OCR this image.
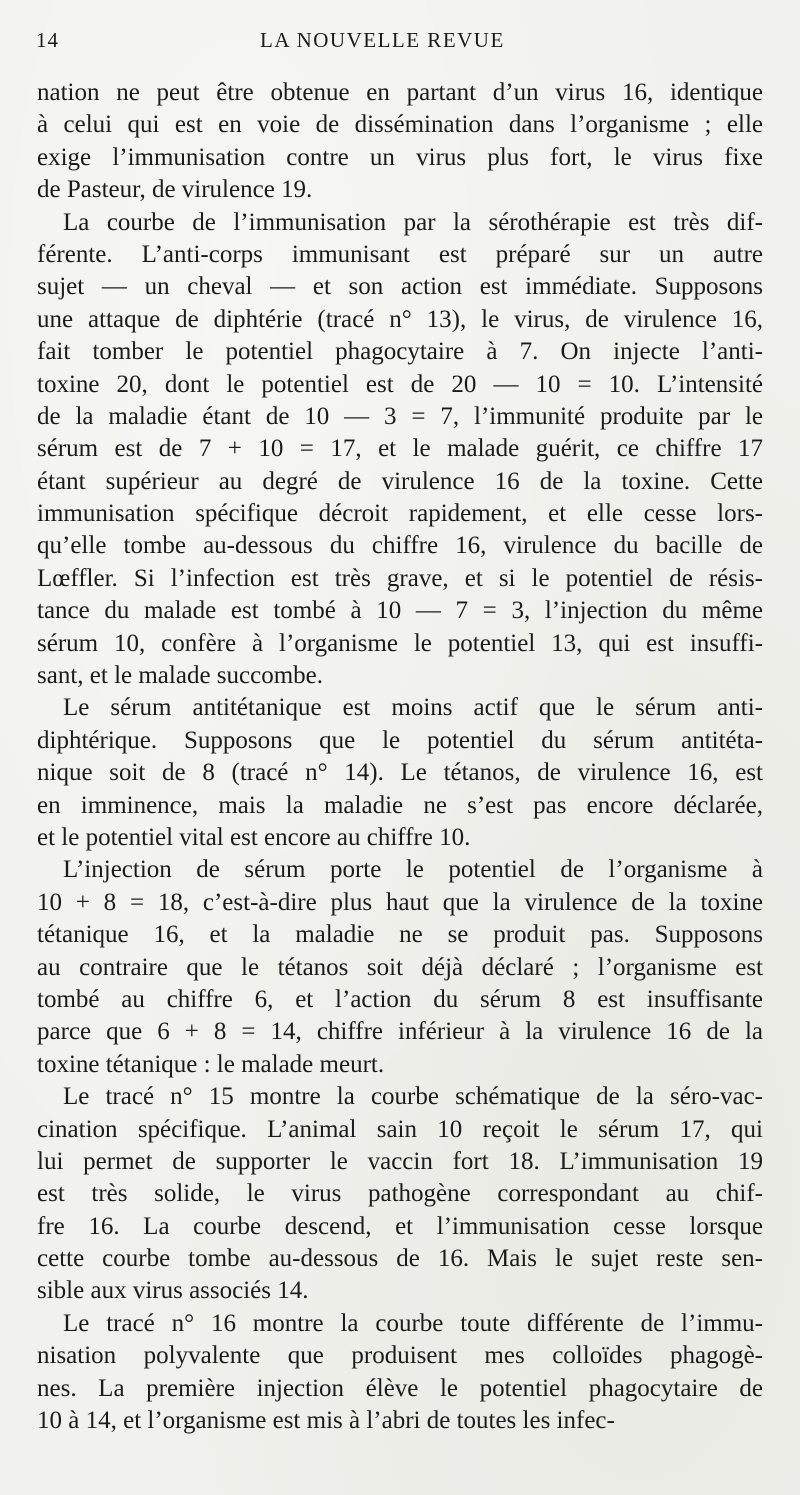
14	LA NOUVELLE REVUE
nation ne peut être obtenue en partant d’un virus 16, identique
à celui qui est en voie de dissémination dans l’organisme ; elle
exige l’immunisation contre un virus plus fort, le virus fixe
de Pasteur, de virulence 19.
La courbe de l’immunisation par la sérothérapie est très dif-
férente. L’anti-corps immunisant est préparé sur un autre
sujet — un cheval — et son action est immédiate. Supposons
une attaque de diphtérie (tracé n° 13), le virus, de virulence 16,
fait tomber le potentiel phagocytaire à 7. On injecte l’anti-
toxine 20, dont le potentiel est de 20 — 10 = 10. L’intensité
de la maladie étant de 10 — 3 = 7, l’immunité produite par le
sérum est de 7 + 10 = 17, et le malade guérit, ce chiffre 17
étant supérieur au degré de virulence 16 de la toxine. Cette
immunisation spécifique décroit rapidement, et elle cesse lors-
qu’elle tombe au-dessous du chiffre 16, virulence du bacille de
Lœffler. Si l’infection est très grave, et si le potentiel de résis-
tance du malade est tombé à 10 — 7 = 3, l’injection du même
sérum 10, confère à l’organisme le potentiel 13, qui est insuffi-
sant, et le malade succombe.
Le sérum antitétanique est moins actif que le sérum anti-
diphtérique. Supposons que le potentiel du sérum antitéta-
nique soit de 8 (tracé n° 14). Le tétanos, de virulence 16, est
en imminence, mais la maladie ne s’est pas encore déclarée,
et le potentiel vital est encore au chiffre 10.
L’injection de sérum porte le potentiel de l’organisme à
10 + 8 = 18, c’est-à-dire plus haut que la virulence de la toxine
tétanique 16, et la maladie ne se produit pas. Supposons
au contraire que le tétanos soit déjà déclaré ; l’organisme est
tombé au chiffre 6, et l’action du sérum 8 est insuffisante
parce que 6 + 8 = 14, chiffre inférieur à la virulence 16 de la
toxine tétanique : le malade meurt.
Le tracé n° 15 montre la courbe schématique de la séro-vac-
cination spécifique. L’animal sain 10 reçoit le sérum 17, qui
lui permet de supporter le vaccin fort 18. L’immunisation 19
est très solide, le virus pathogène correspondant au chif-
fre 16. La courbe descend, et l’immunisation cesse lorsque
cette courbe tombe au-dessous de 16. Mais le sujet reste sen-
sible aux virus associés 14.
Le tracé n° 16 montre la courbe toute différente de l’immu-
nisation polyvalente que produisent mes colloïdes phagogè-
nes. La première injection élève le potentiel phagocytaire de
10 à 14, et l’organisme est mis à l’abri de toutes les infec-
